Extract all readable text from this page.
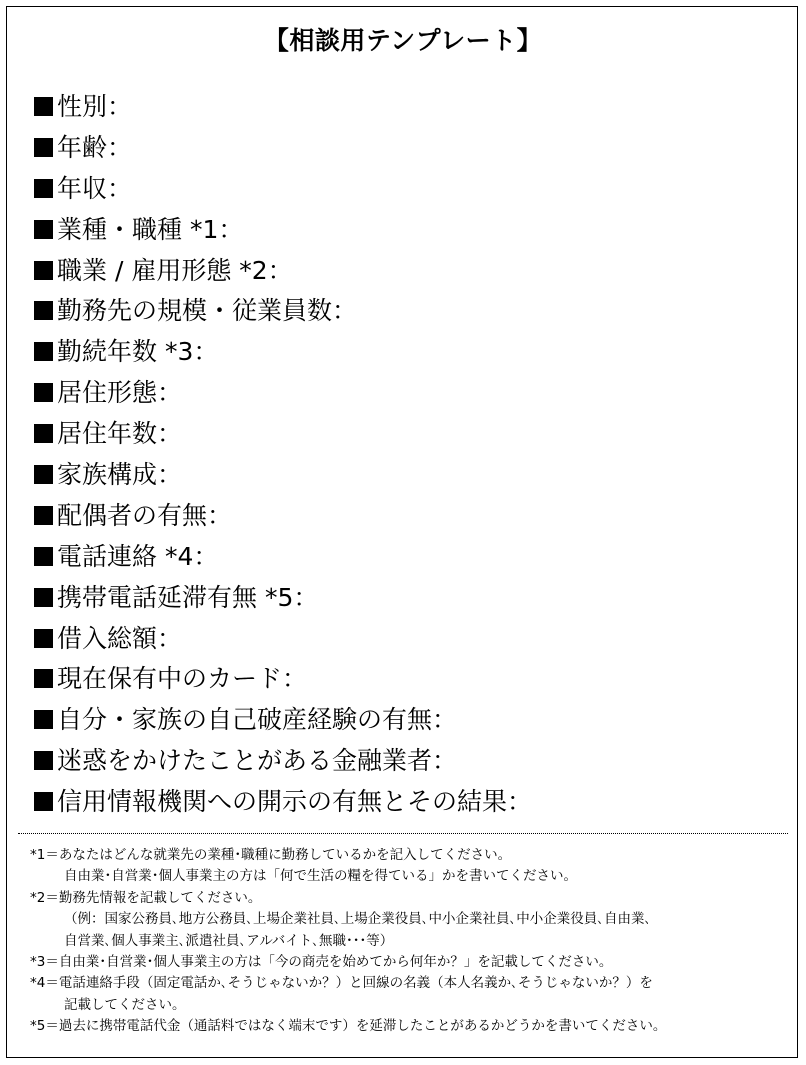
【相談用テンプレート】
性別：
年齢：
年収：
業種・職種 *1：
職業 / 雇用形態 *2：
勤務先の規模・従業員数：
勤続年数 *3：
居住形態：
居住年数：
家族構成：
配偶者の有無：
電話連絡 *4：
携帯電話延滞有無 *5：
借入総額：
現在保有中のカード：
自分・家族の自己破産経験の有無：
迷惑をかけたことがある金融業者：
信用情報機関への開示の有無とその結果：
*1＝あなたはどんな就業先の業種･職種に勤務しているかを記入してください。
自由業･自営業･個人事業主の方は「何で生活の糧を得ている」かを書いてください。
*2＝勤務先情報を記載してください。
（例：国家公務員､地方公務員､上場企業社員､上場企業役員､中小企業社員､中小企業役員､自由業､
自営業､個人事業主､派遣社員､アルバイト､無職･･･等）
*3＝自由業･自営業･個人事業主の方は「今の商売を始めてから何年か？」を記載してください。
*4＝電話連絡手段（固定電話か､そうじゃないか？）と回線の名義（本人名義か､そうじゃないか？）を
記載してください。
*5＝過去に携帯電話代金（通話料ではなく端末です）を延滞したことがあるかどうかを書いてください。
